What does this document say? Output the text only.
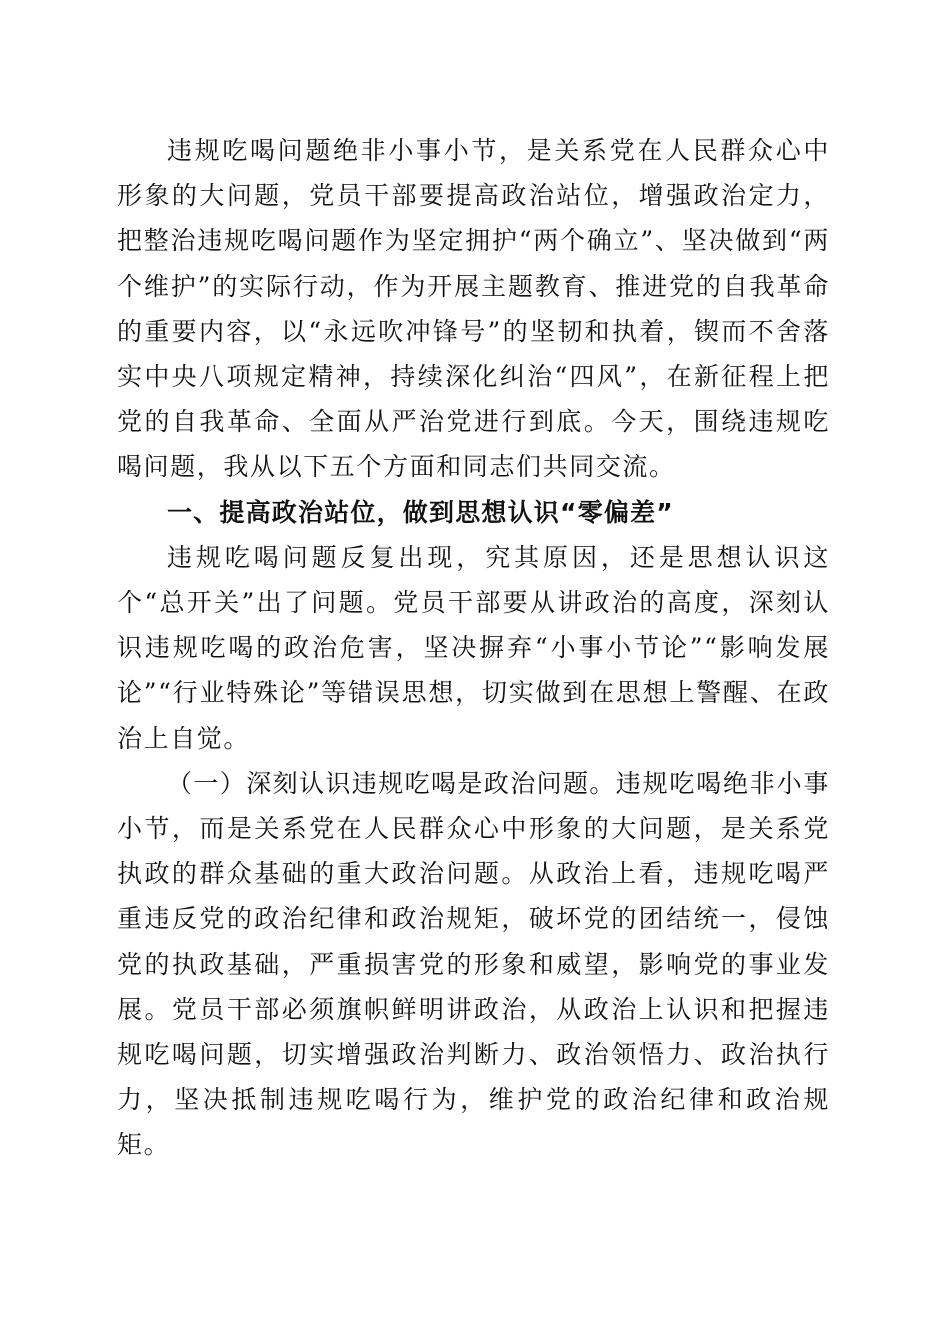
违规吃喝问题绝非小事小节，是关系党在人民群众心中形象的大问题，党员干部要提高政治站位，增强政治定力，把整治违规吃喝问题作为坚定拥护“两个确立”、坚决做到“两个维护”的实际行动，作为开展主题教育、推进党的自我革命的重要内容，以“永远吹冲锋号”的坚韧和执着，锲而不舍落实中央八项规定精神，持续深化纠治“四风”，在新征程上把党的自我革命、全面从严治党进行到底。今天，围绕违规吃喝问题，我从以下五个方面和同志们共同交流。

一、提高政治站位，做到思想认识“零偏差”

违规吃喝问题反复出现，究其原因，还是思想认识这个“总开关”出了问题。党员干部要从讲政治的高度，深刻认识违规吃喝的政治危害，坚决摒弃“小事小节论”“影响发展论”“行业特殊论”等错误思想，切实做到在思想上警醒、在政治上自觉。

（一）深刻认识违规吃喝是政治问题。违规吃喝绝非小事小节，而是关系党在人民群众心中形象的大问题，是关系党执政的群众基础的重大政治问题。从政治上看，违规吃喝严重违反党的政治纪律和政治规矩，破坏党的团结统一，侵蚀党的执政基础，严重损害党的形象和威望，影响党的事业发展。党员干部必须旗帜鲜明讲政治，从政治上认识和把握违规吃喝问题，切实增强政治判断力、政治领悟力、政治执行力，坚决抵制违规吃喝行为，维护党的政治纪律和政治规矩。
